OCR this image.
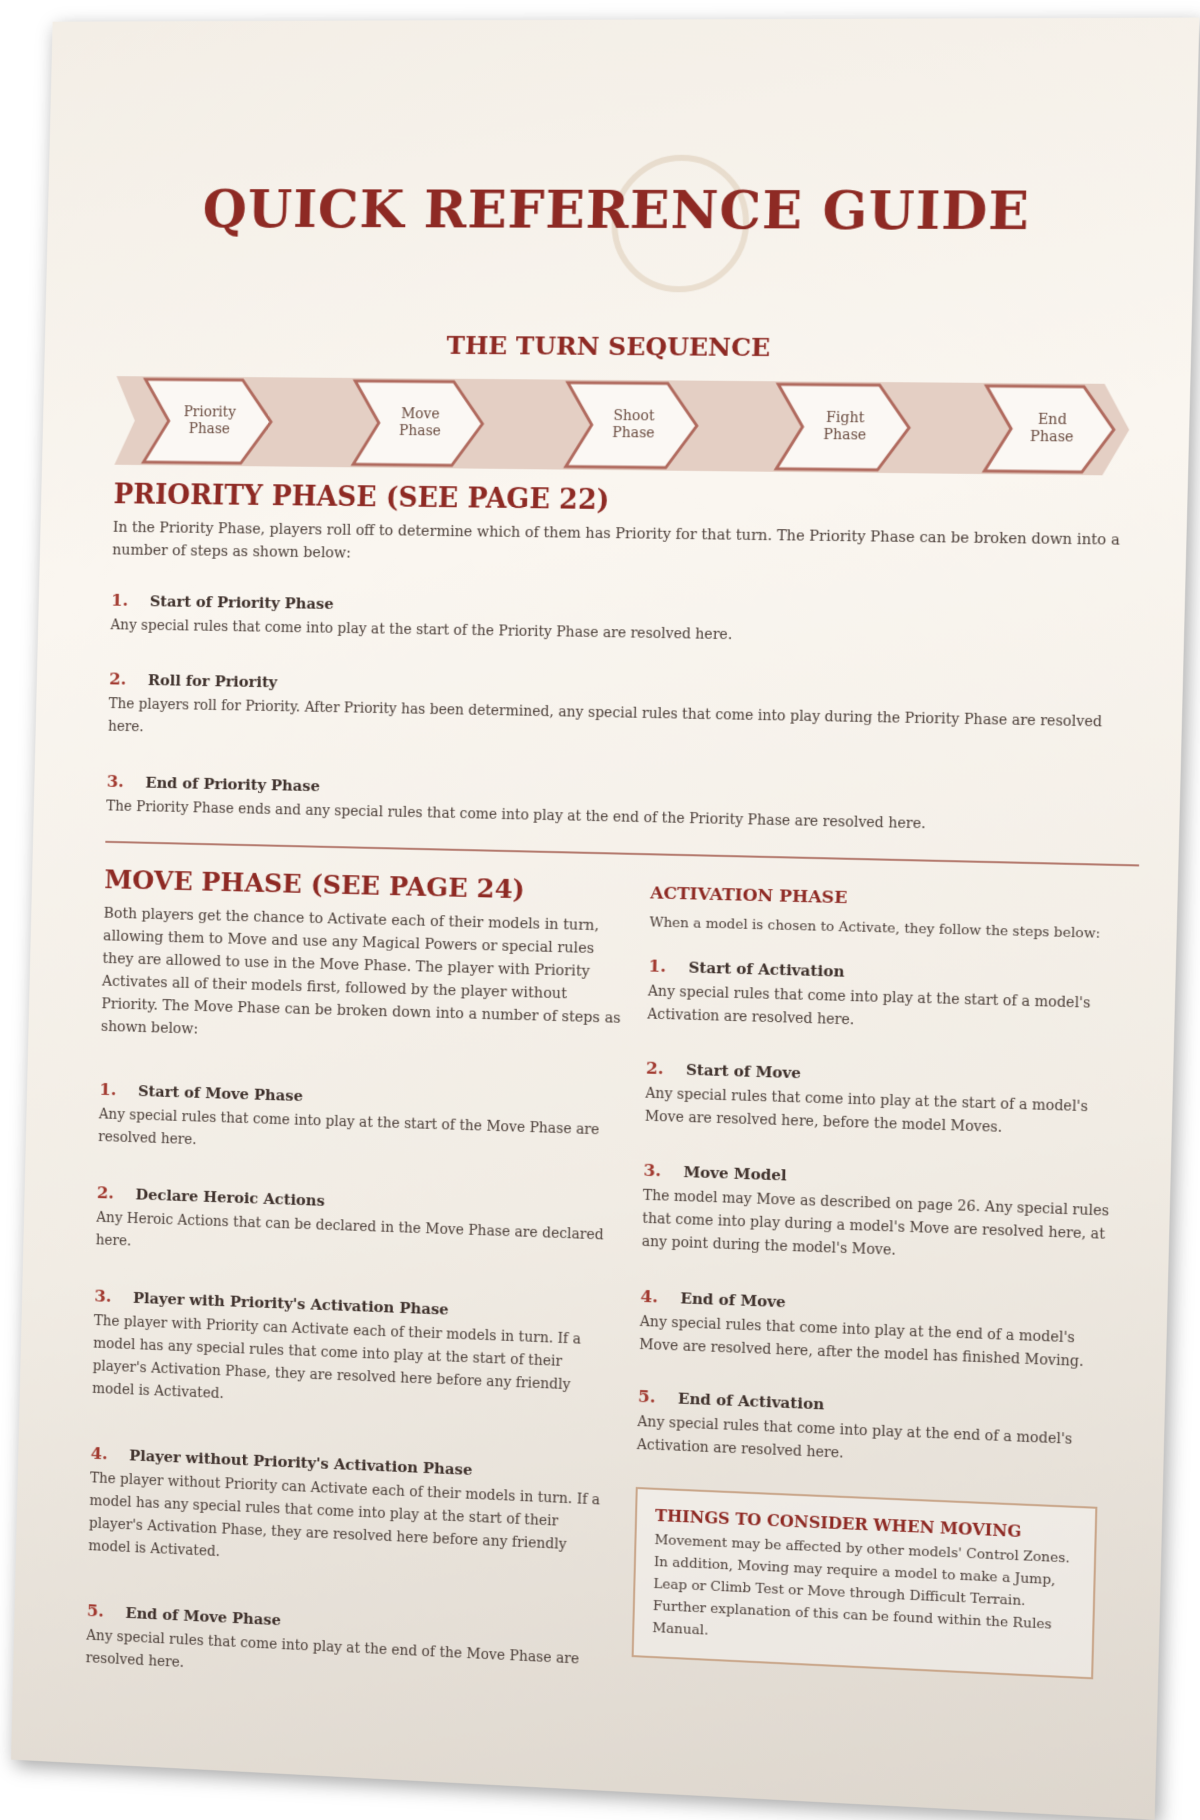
QUICK REFERENCE GUIDE
THE TURN SEQUENCE
Priority
Phase
Move
Phase
Shoot
Phase
Fight
Phase
End
Phase
PRIORITY PHASE (SEE PAGE 22)

In the Priority Phase, players roll off to determine which of them has Priority for that turn. The Priority Phase can be broken down into a number of steps as shown below:

1. Start of Priority Phase
Any special rules that come into play at the start of the Priority Phase are resolved here.
2. Roll for Priority
The players roll for Priority. After Priority has been determined, any special rules that come into play during the Priority Phase are resolved here.
3. End of Priority Phase
The Priority Phase ends and any special rules that come into play at the end of the Priority Phase are resolved here.
MOVE PHASE (SEE PAGE 24)

Both players get the chance to Activate each of their models in turn, allowing them to Move and use any Magical Powers or special rules they are allowed to use in the Move Phase. The player with Priority Activates all of their models first, followed by the player without Priority. The Move Phase can be broken down into a number of steps as shown below:

1. Start of Move Phase
Any special rules that come into play at the start of the Move Phase are resolved here.
2. Declare Heroic Actions
Any Heroic Actions that can be declared in the Move Phase are declared here.
3. Player with Priority's Activation Phase
The player with Priority can Activate each of their models in turn. If a model has any special rules that come into play at the start of their player's Activation Phase, they are resolved here before any friendly model is Activated.
4. Player without Priority's Activation Phase
The player without Priority can Activate each of their models in turn. If a model has any special rules that come into play at the start of their player's Activation Phase, they are resolved here before any friendly model is Activated.
5. End of Move Phase
Any special rules that come into play at the end of the Move Phase are resolved here.
ACTIVATION PHASE

When a model is chosen to Activate, they follow the steps below:

1. Start of Activation
Any special rules that come into play at the start of a model's Activation are resolved here.
2. Start of Move
Any special rules that come into play at the start of a model's Move are resolved here, before the model Moves.
3. Move Model
The model may Move as described on page 26. Any special rules that come into play during a model's Move are resolved here, at any point during the model's Move.
4. End of Move
Any special rules that come into play at the end of a model's Move are resolved here, after the model has finished Moving.
5. End of Activation
Any special rules that come into play at the end of a model's Activation are resolved here.

THINGS TO CONSIDER WHEN MOVING

Movement may be affected by other models' Control Zones. In addition, Moving may require a model to make a Jump, Leap or Climb Test or Move through Difficult Terrain. Further explanation of this can be found within the Rules Manual.
